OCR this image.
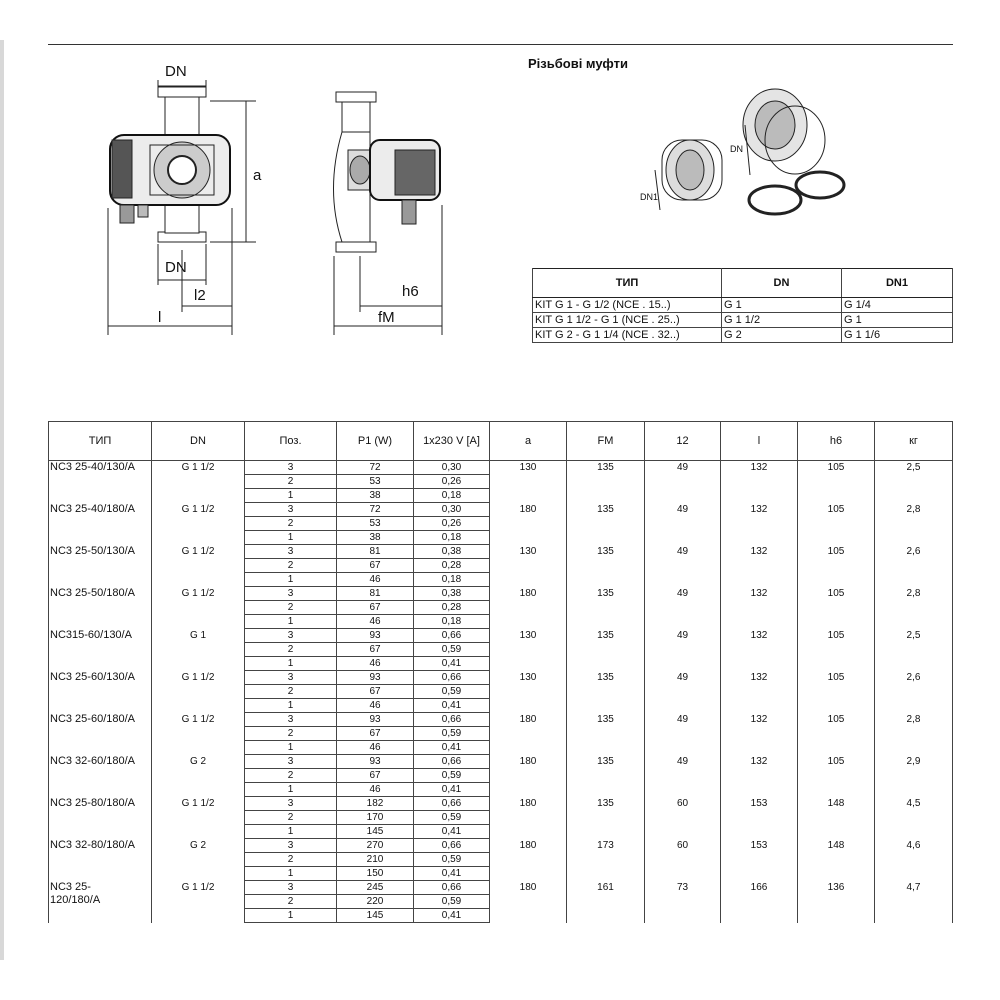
Різьбові муфти
DN
DN
a
l2
l
h6
fM
DN
DN1
ТИП	DN	DN1
KIT G 1 - G 1/2 (NCE . 15..)	G 1	G 1/4
KIT G 1 1/2 - G 1 (NCE . 25..)	G 1 1/2	G 1
KIT G 2 - G 1 1/4 (NCE . 32..)	G 2	G 1 1/6
ТИП	DN	Поз.	P1 (W)	1x230 V [A]	a	FM	12	l	h6	кг
NC3 25-40/130/A	G 1 1/2	3	72	0,30	130	135	49	132	105	2,5
		2	53	0,26						
		1	38	0,18						
NC3 25-40/180/A	G 1 1/2	3	72	0,30	180	135	49	132	105	2,8
		2	53	0,26						
		1	38	0,18						
NC3 25-50/130/A	G 1 1/2	3	81	0,38	130	135	49	132	105	2,6
		2	67	0,28						
		1	46	0,18						
NC3 25-50/180/A	G 1 1/2	3	81	0,38	180	135	49	132	105	2,8
		2	67	0,28						
		1	46	0,18						
NC315-60/130/A	G 1	3	93	0,66	130	135	49	132	105	2,5
		2	67	0,59						
		1	46	0,41						
NC3 25-60/130/A	G 1 1/2	3	93	0,66	130	135	49	132	105	2,6
		2	67	0,59						
		1	46	0,41						
NC3 25-60/180/A	G 1 1/2	3	93	0,66	180	135	49	132	105	2,8
		2	67	0,59						
		1	46	0,41						
NC3 32-60/180/A	G 2	3	93	0,66	180	135	49	132	105	2,9
		2	67	0,59						
		1	46	0,41						
NC3 25-80/180/A	G 1 1/2	3	182	0,66	180	135	60	153	148	4,5
		2	170	0,59						
		1	145	0,41						
NC3 32-80/180/A	G 2	3	270	0,66	180	173	60	153	148	4,6
		2	210	0,59						
		1	150	0,41						
NC3 25-
120/180/A	G 1 1/2	3	245	0,66	180	161	73	166	136	4,7
		2	220	0,59						
		1	145	0,41						
